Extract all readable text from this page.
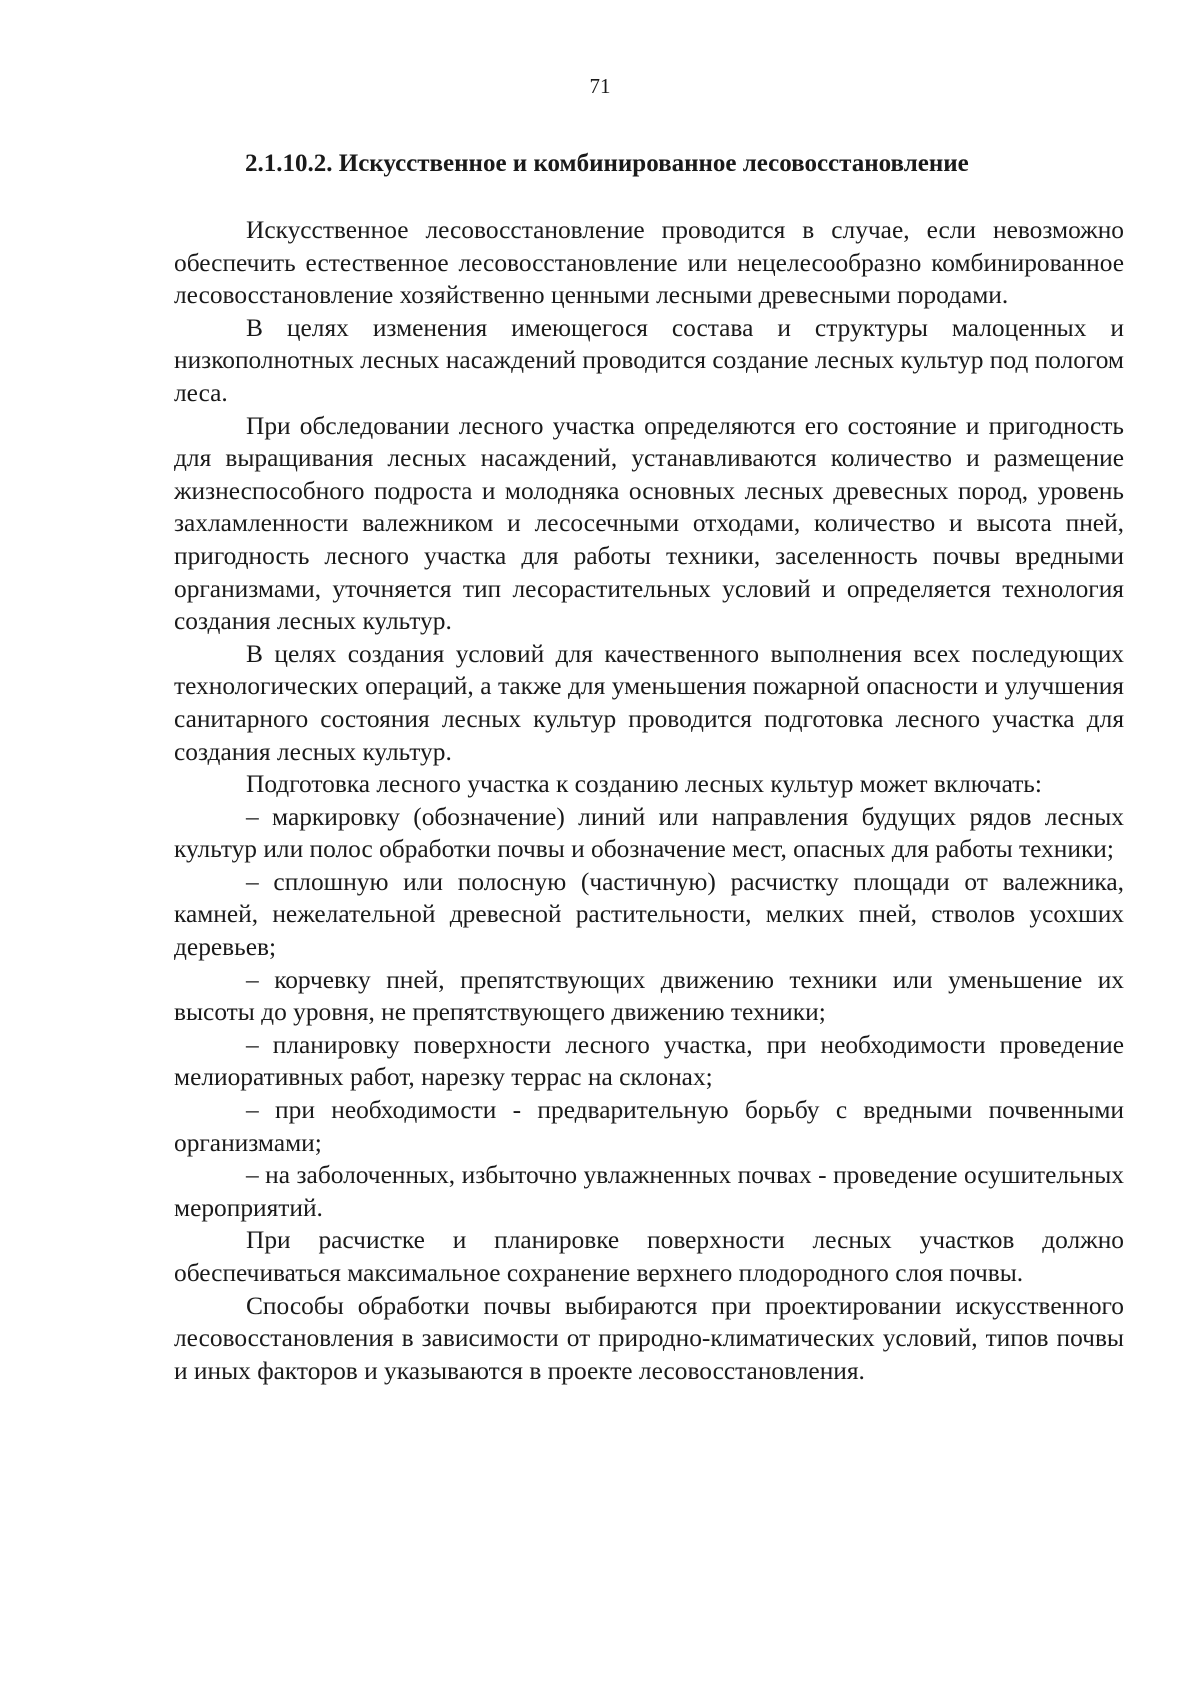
71
2.1.10.2. Искусственное и комбинированное лесовосстановление

Искусственное лесовосстановление проводится в случае, если невозможно обеспечить естественное лесовосстановление или нецелесообразно комбинированное лесовосстановление хозяйственно ценными лесными древесными породами.

В целях изменения имеющегося состава и структуры малоценных и низкополнотных лесных насаждений проводится создание лесных культур под пологом леса.

При обследовании лесного участка определяются его состояние и пригодность для выращивания лесных насаждений, устанавливаются количество и размещение жизнеспособного подроста и молодняка основных лесных древесных пород, уровень захламленности валежником и лесосечными отходами, количество и высота пней, пригодность лесного участка для работы техники, заселенность почвы вредными организмами, уточняется тип лесорастительных условий и определяется технология создания лесных культур.

В целях создания условий для качественного выполнения всех последующих технологических операций, а также для уменьшения пожарной опасности и улучшения санитарного состояния лесных культур проводится подготовка лесного участка для создания лесных культур.

Подготовка лесного участка к созданию лесных культур может включать:

– маркировку (обозначение) линий или направления будущих рядов лесных культур или полос обработки почвы и обозначение мест, опасных для работы техники;

– сплошную или полосную (частичную) расчистку площади от валежника, камней, нежелательной древесной растительности, мелких пней, стволов усохших деревьев;

– корчевку пней, препятствующих движению техники или уменьшение их высоты до уровня, не препятствующего движению техники;

– планировку поверхности лесного участка, при необходимости проведение мелиоративных работ, нарезку террас на склонах;

– при необходимости - предварительную борьбу с вредными почвенными организмами;

– на заболоченных, избыточно увлажненных почвах - проведение осушительных мероприятий.

При расчистке и планировке поверхности лесных участков должно обеспечиваться максимальное сохранение верхнего плодородного слоя почвы.

Способы обработки почвы выбираются при проектировании искусственного лесовосстановления в зависимости от природно-климатических условий, типов почвы и иных факторов и указываются в проекте лесовосстановления.
